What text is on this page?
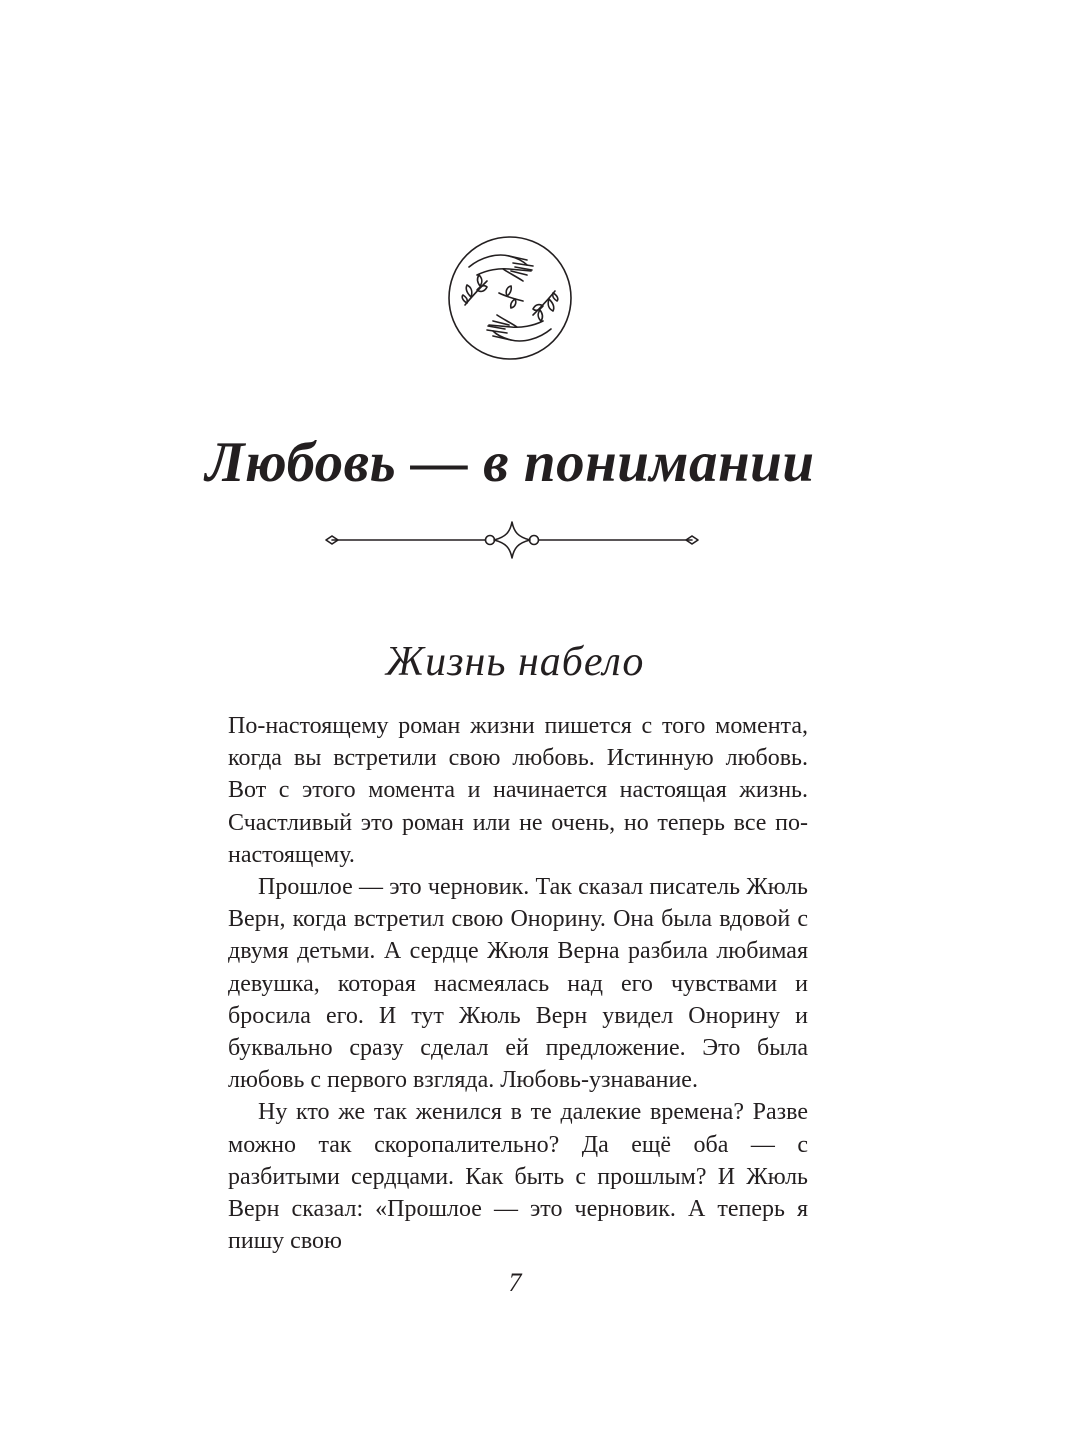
Любовь — в понимании
Жизнь набело

По-настоящему роман жизни пишется с того момента, когда вы встретили свою любовь. Истинную любовь. Вот с этого момента и начинается настоящая жизнь. Счастливый это роман или не очень, но теперь все по-настоящему.

Прошлое — это черновик. Так сказал писатель Жюль Верн, когда встретил свою Онорину. Она была вдовой с двумя детьми. А сердце Жюля Верна разбила любимая девушка, которая насмеялась над его чувствами и бросила его. И тут Жюль Верн увидел Онорину и буквально сразу сделал ей предложение. Это была любовь с первого взгляда. Любовь-узнавание.

Ну кто же так женился в те далекие времена? Разве можно так скоропалительно? Да ещё оба — с разбитыми сердцами. Как быть с прошлым? И Жюль Верн сказал: «Прошлое — это черновик. А теперь я пишу свою

7
